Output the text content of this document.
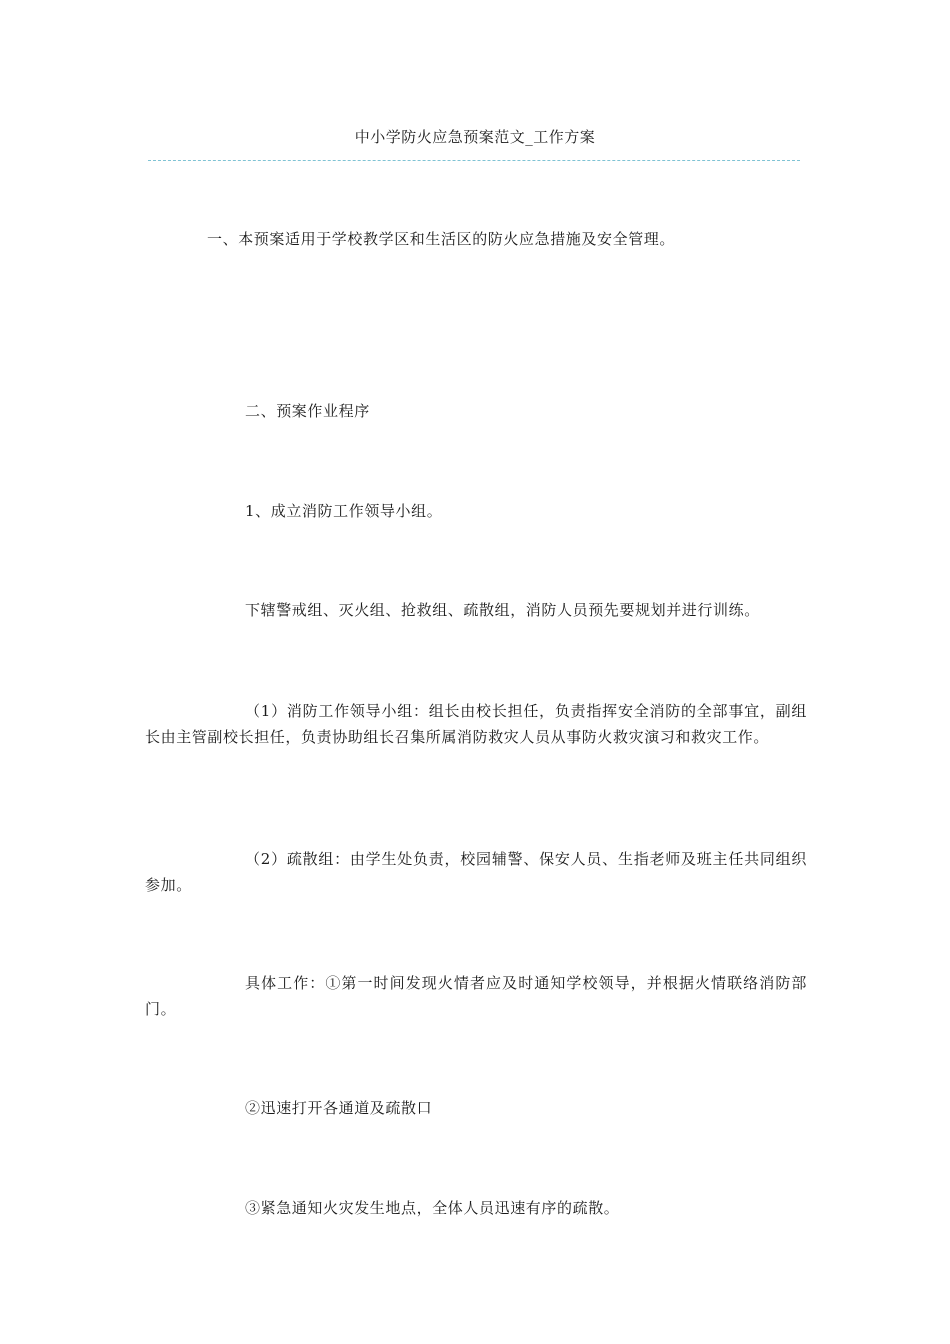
中小学防火应急预案范文_工作方案

一、本预案适用于学校教学区和生活区的防火应急措施及安全管理。

二、预案作业程序

1、成立消防工作领导小组。

下辖警戒组、灭火组、抢救组、疏散组，消防人员预先要规划并进行训练。

（1）消防工作领导小组：组长由校长担任，负责指挥安全消防的全部事宜，副组长由主管副校长担任，负责协助组长召集所属消防救灾人员从事防火救灾演习和救灾工作。

（2）疏散组：由学生处负责，校园辅警、保安人员、生指老师及班主任共同组织参加。

具体工作：①第一时间发现火情者应及时通知学校领导，并根据火情联络消防部门。

②迅速打开各通道及疏散口

③紧急通知火灾发生地点，全体人员迅速有序的疏散。
